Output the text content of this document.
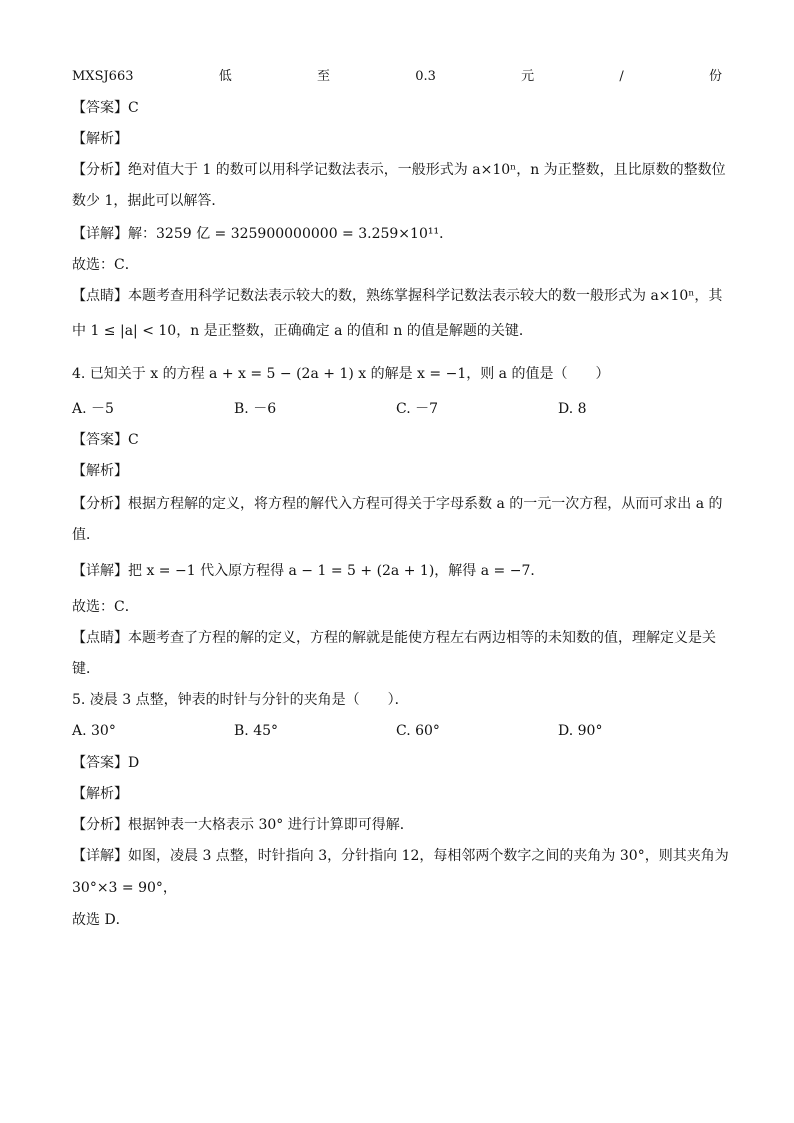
MXSJ663	低	至	0.3	元	/	份
【答案】C
【解析】
【分析】绝对值大于 1 的数可以用科学记数法表示，一般形式为 a×10ⁿ，n 为正整数，且比原数的整数位
数少 1，据此可以解答．
【详解】解：3259 亿 = 325900000000 = 3.259×10¹¹．
故选：C．
【点睛】本题考查用科学记数法表示较大的数，熟练掌握科学记数法表示较大的数一般形式为 a×10ⁿ，其
中 1 ≤ |a| < 10，n 是正整数，正确确定 a 的值和 n 的值是解题的关键．
4. 已知关于 x 的方程 a + x = 5 − (2a + 1) x 的解是 x = −1，则 a 的值是（　　）
A. －5	B. －6	C. －7	D. 8
【答案】C
【解析】
【分析】根据方程解的定义，将方程的解代入方程可得关于字母系数 a 的一元一次方程，从而可求出 a 的
值．
【详解】把 x = −1 代入原方程得 a − 1 = 5 + (2a + 1)，解得 a = −7．
故选：C．
【点睛】本题考查了方程的解的定义，方程的解就是能使方程左右两边相等的未知数的值，理解定义是关
键．
5. 凌晨 3 点整，钟表的时针与分针的夹角是（　　）．
A. 30°	B. 45°	C. 60°	D. 90°
【答案】D
【解析】
【分析】根据钟表一大格表示 30° 进行计算即可得解．
【详解】如图，凌晨 3 点整，时针指向 3，分针指向 12，每相邻两个数字之间的夹角为 30°，则其夹角为
30°×3 = 90°，
故选 D．
